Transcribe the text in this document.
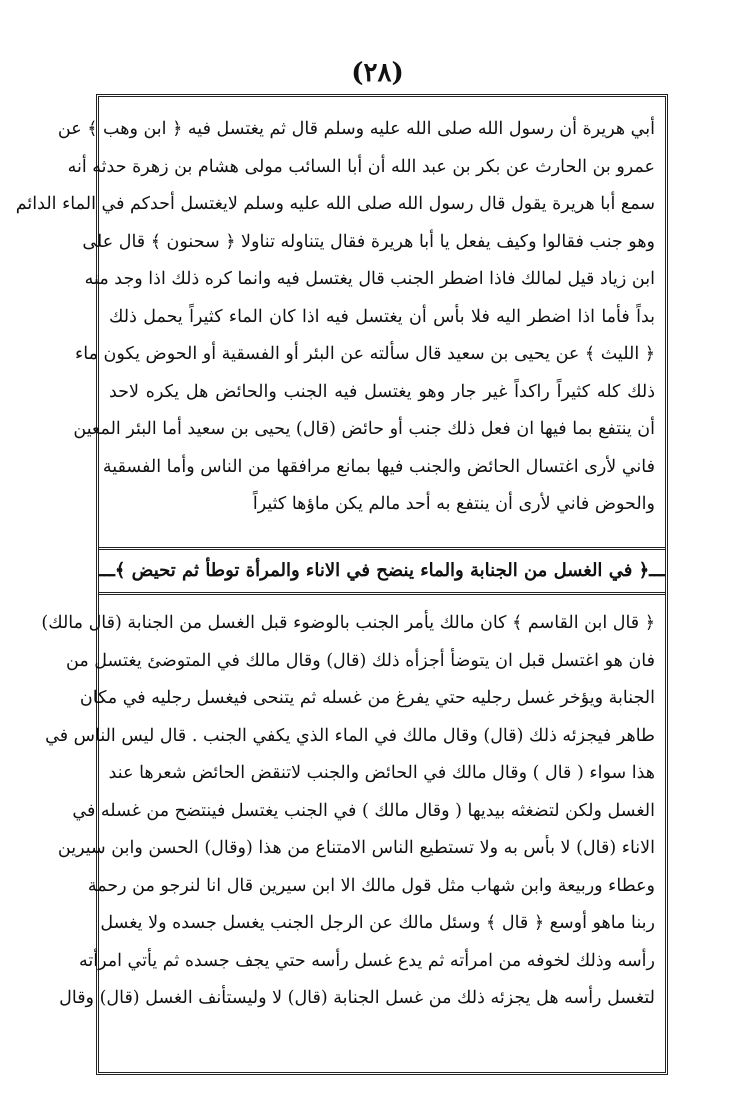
(٢٨)
أبي هريرة أن رسول الله صلى الله عليه وسلم قال ثم يغتسل فيه ﴿ ابن وهب ﴾ عن
عمرو بن الحارث عن بكر بن عبد الله أن أبا السائب مولى هشام بن زهرة حدثه أنه
سمع أبا هريرة يقول قال رسول الله صلى الله عليه وسلم لايغتسل أحدكم في الماء الدائم
وهو جنب فقالوا وكيف يفعل يا أبا هريرة فقال يتناوله تناولا ﴿ سحنون ﴾ قال على
ابن زياد قيل لمالك فاذا اضطر الجنب قال يغتسل فيه وانما كره ذلك اذا وجد منه
بداً فأما اذا اضطر اليه فلا بأس أن يغتسل فيه اذا كان الماء كثيراً يحمل ذلك
﴿ الليث ﴾ عن يحيى بن سعيد قال سألته عن البئر أو الفسقية أو الحوض يكون ماء
ذلك كله كثيراً راكداً غير جار وهو يغتسل فيه الجنب والحائض هل يكره لاحد
أن ينتفع بما فيها ان فعل ذلك جنب أو حائض (قال) يحيى بن سعيد أما البئر المعين
فاني لأرى اغتسال الحائض والجنب فيها بمانع مرافقها من الناس وأما الفسقية
والحوض فاني لأرى أن ينتفع به أحد مالم يكن ماؤها كثيراً
ـــ﴿ في الغسل من الجنابة والماء ينضح في الاناء والمرأة توطأ ثم تحيض ﴾ـــ
﴿ قال ابن القاسم ﴾ كان مالك يأمر الجنب بالوضوء قبل الغسل من الجنابة (قال مالك)
فان هو اغتسل قبل ان يتوضأ أجزأه ذلك (قال) وقال مالك في المتوضئ يغتسل من
الجنابة ويؤخر غسل رجليه حتي يفرغ من غسله ثم يتنحى فيغسل رجليه في مكان
طاهر فيجزئه ذلك (قال) وقال مالك في الماء الذي يكفي الجنب . قال ليس الناس في
هذا سواء ( قال ) وقال مالك في الحائض والجنب لاتنقض الحائض شعرها عند
الغسل ولكن لتضغثه بيديها ( وقال مالك ) في الجنب يغتسل فينتضح من غسله في
الاناء (قال) لا بأس به ولا تستطيع الناس الامتناع من هذا (وقال) الحسن وابن سيرين
وعطاء وربيعة وابن شهاب مثل قول مالك الا ابن سيرين قال انا لنرجو من رحمة
ربنا ماهو أوسع ﴿ قال ﴾ وسئل مالك عن الرجل الجنب يغسل جسده ولا يغسل
رأسه وذلك لخوفه من امرأته ثم يدع غسل رأسه حتي يجف جسده ثم يأتي امرأته
لتغسل رأسه هل يجزئه ذلك من غسل الجنابة (قال) لا وليستأنف الغسل (قال) وقال
